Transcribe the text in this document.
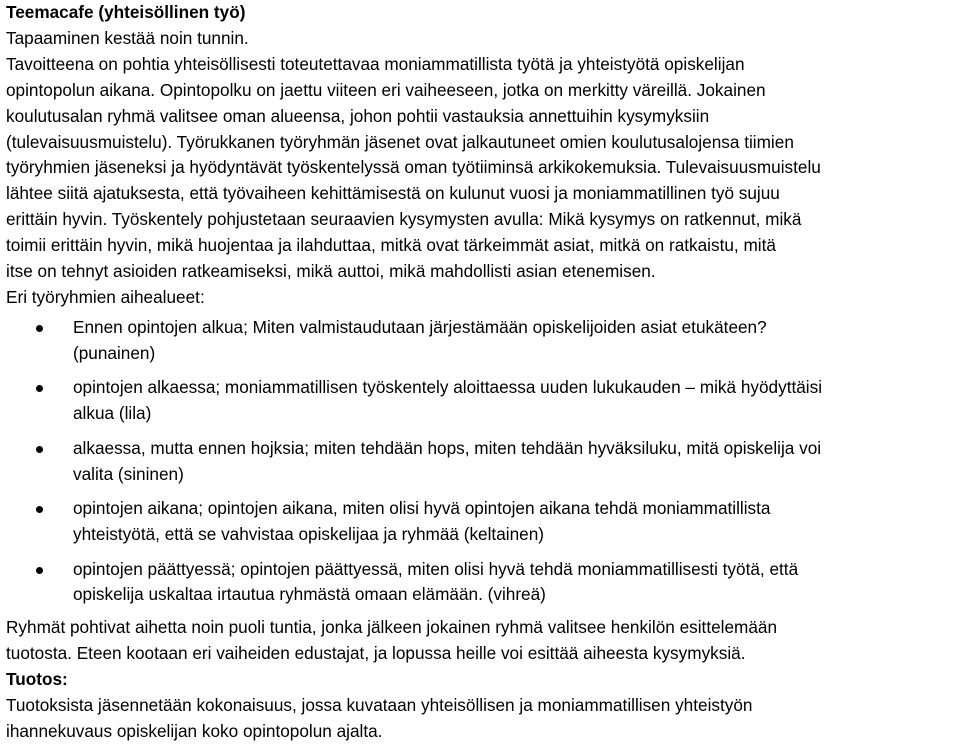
Teemacafe (yhteisöllinen työ)
Tapaaminen kestää noin tunnin.
Tavoitteena on pohtia yhteisöllisesti toteutettavaa moniammatillista työtä ja yhteistyötä opiskelijan
opintopolun aikana. Opintopolku on jaettu viiteen eri vaiheeseen, jotka on merkitty väreillä. Jokainen
koulutusalan ryhmä valitsee oman alueensa, johon pohtii vastauksia annettuihin kysymyksiin
(tulevaisuusmuistelu). Työrukkanen työryhmän jäsenet ovat jalkautuneet omien koulutusalojensa tiimien
työryhmien jäseneksi ja hyödyntävät työskentelyssä oman työtiiminsä arkikokemuksia. Tulevaisuusmuistelu
lähtee siitä ajatuksesta, että työvaiheen kehittämisestä on kulunut vuosi ja moniammatillinen työ sujuu
erittäin hyvin. Työskentely pohjustetaan seuraavien kysymysten avulla: Mikä kysymys on ratkennut, mikä
toimii erittäin hyvin, mikä huojentaa ja ilahduttaa, mitkä ovat tärkeimmät asiat, mitkä on ratkaistu, mitä
itse on tehnyt asioiden ratkeamiseksi, mikä auttoi, mikä mahdollisti asian etenemisen.
Eri työryhmien aihealueet:
Ennen opintojen alkua; Miten valmistaudutaan järjestämään opiskelijoiden asiat etukäteen?
(punainen)
opintojen alkaessa; moniammatillisen työskentely aloittaessa uuden lukukauden – mikä hyödyttäisi
alkua (lila)
alkaessa, mutta ennen hojksia; miten tehdään hops, miten tehdään hyväksiluku, mitä opiskelija voi
valita (sininen)
opintojen aikana; opintojen aikana, miten olisi hyvä opintojen aikana tehdä moniammatillista
yhteistyötä, että se vahvistaa opiskelijaa ja ryhmää (keltainen)
opintojen päättyessä; opintojen päättyessä, miten olisi hyvä tehdä moniammatillisesti työtä, että
opiskelija uskaltaa irtautua ryhmästä omaan elämään. (vihreä)
Ryhmät pohtivat aihetta noin puoli tuntia, jonka jälkeen jokainen ryhmä valitsee henkilön esittelemään
tuotosta. Eteen kootaan eri vaiheiden edustajat, ja lopussa heille voi esittää aiheesta kysymyksiä.
Tuotos:
Tuotoksista jäsennetään kokonaisuus, jossa kuvataan yhteisöllisen ja moniammatillisen yhteistyön
ihannekuvaus opiskelijan koko opintopolun ajalta.
